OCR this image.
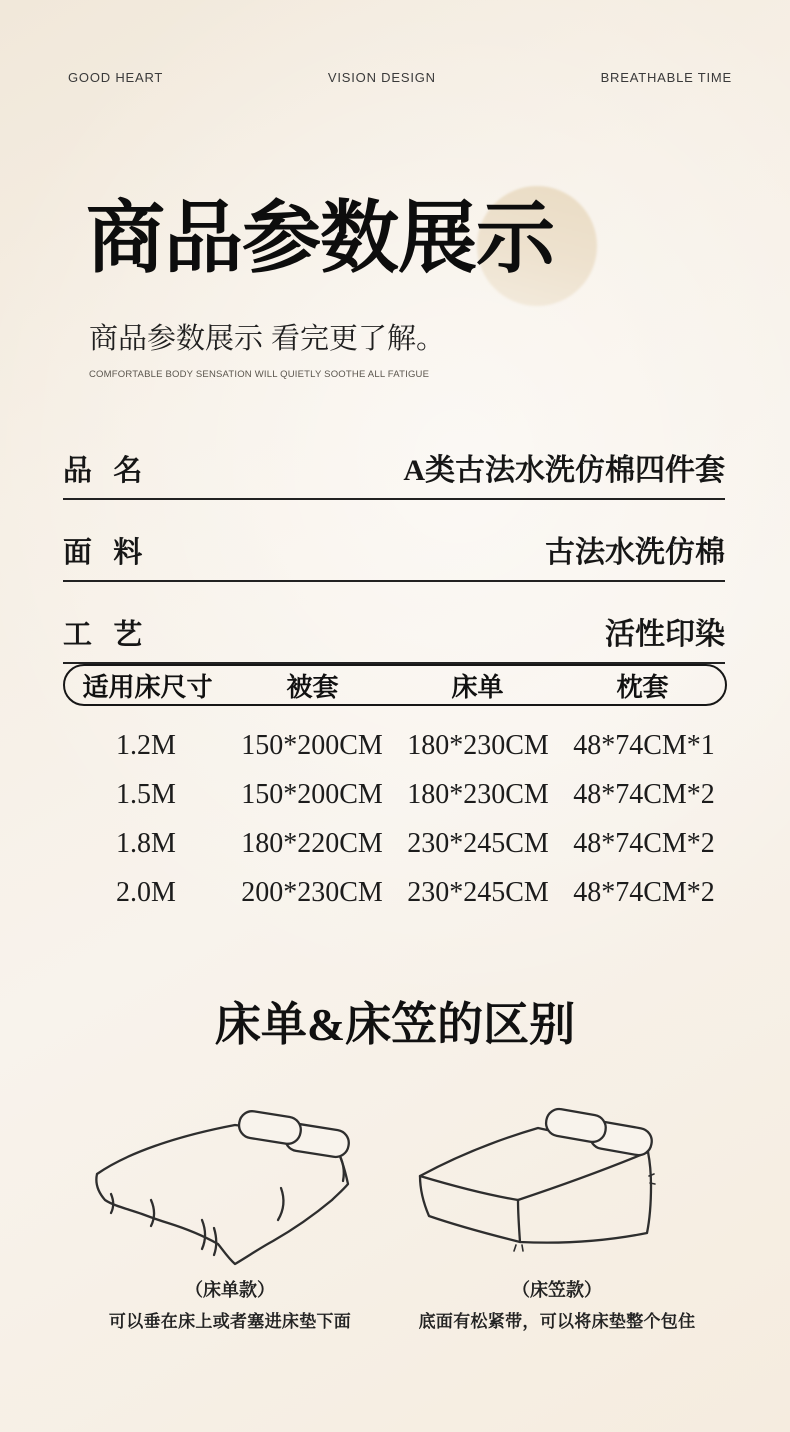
GOOD HEART	VISION DESIGN	BREATHABLE TIME
商品参数展示

商品参数展示 看完更了解。

COMFORTABLE BODY SENSATION WILL QUIETLY SOOTHE ALL FATIGUE

品 名	A类古法水洗仿棉四件套
面 料	古法水洗仿棉
工 艺	活性印染
适用床尺寸	被套	床单	枕套
1.2M	150*200CM 180*230CM 48*74CM*1
1.5M	150*200CM 180*230CM 48*74CM*2
1.8M	180*220CM 230*245CM 48*74CM*2
2.0M	200*230CM 230*245CM 48*74CM*2
床单&床笠的区别
（床单款）
可以垂在床上或者塞进床垫下面
（床笠款）
底面有松紧带，可以将床垫整个包住
